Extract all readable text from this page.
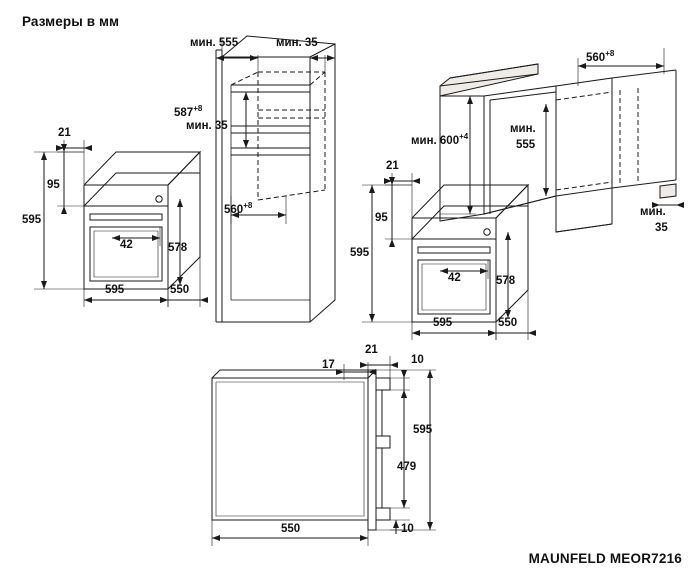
Размеры в мм
21
95
595
42	578
595	550
мин. 555	мин. 35
$587^{+8}$
мин. 35
$560^{+8}$
21
95
595
42	578
595	550
$560^{+8}$
мин. $600^{+4}$
мин.
555
мин.
35
17
21
10
595
479
10
550
MAUNFELD MEOR7216
